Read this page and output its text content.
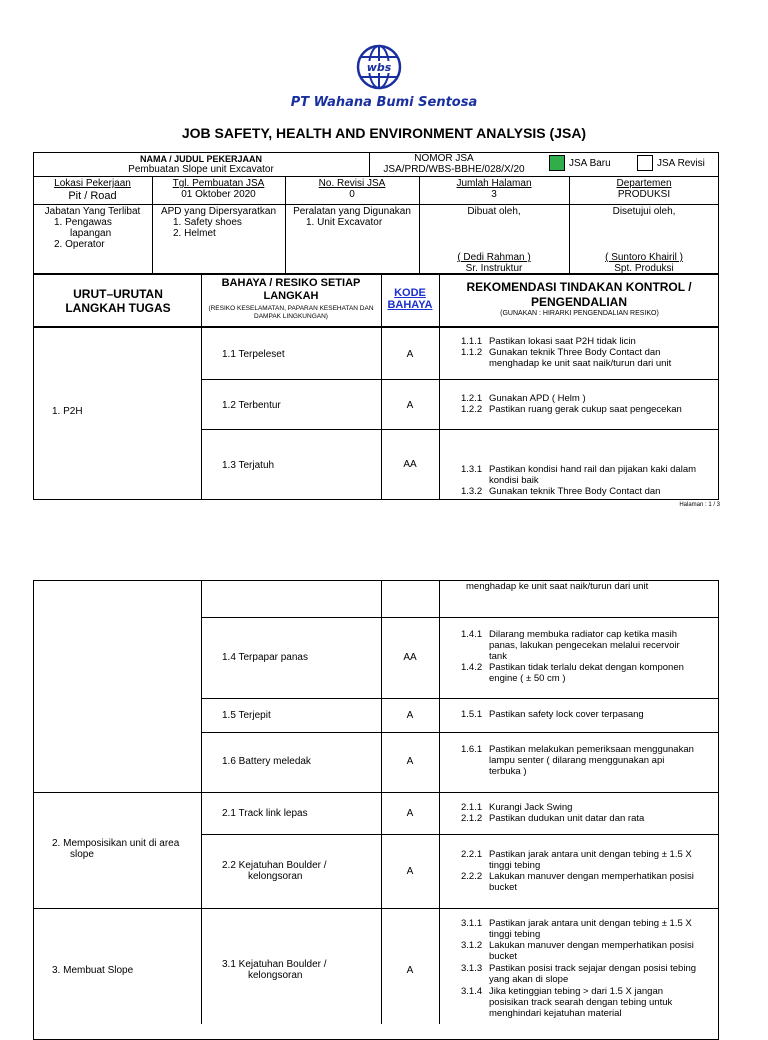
wbs
PT Wahana Bumi Sentosa
JOB SAFETY, HEALTH AND ENVIRONMENT ANALYSIS (JSA)
NAMA / JUDUL PEKERJAAN
Pembuatan Slope unit Excavator
NOMOR JSA
JSA/PRD/WBS-BBHE/028/X/20
JSA Baru	JSA Revisi
Lokasi Pekerjaan
Pit / Road
Tgl. Pembuatan JSA
01 Oktober 2020
No. Revisi JSA
0
Jumlah Halaman
3
Departemen
PRODUKSI
Jabatan Yang Terlibat
1. Pengawas
lapangan
2. Operator
APD yang Dipersyaratkan
1. Safety shoes
2. Helmet
Peralatan yang Digunakan
1. Unit Excavator
Dibuat oleh,
( Dedi Rahman )
Sr. Instruktur
Disetujui oleh,
( Suntoro Khairil )
Spt. Produksi
URUT–URUTAN LANGKAH TUGAS
BAHAYA / RESIKO SETIAP LANGKAH
(RESIKO KESELAMATAN, PAPARAN KESEHATAN DAN DAMPAK LINGKUNGAN)
KODE BAHAYA
REKOMENDASI TINDAKAN KONTROL / PENGENDALIAN
(GUNAKAN : HIRARKI PENGENDALIAN RESIKO)
1. P2H
1.1 Terpeleset	A
1.1.1 Pastikan lokasi saat P2H tidak licin
1.1.2 Gunakan teknik Three Body Contact dan
menghadap ke unit saat naik/turun dari unit
1.2 Terbentur	A
1.2.1 Gunakan APD ( Helm )
1.2.2 Pastikan ruang gerak cukup saat pengecekan
1.3 Terjatuh	AA	1.3.1 Pastikan kondisi hand rail dan pijakan kaki dalam
kondisi baik
1.3.2 Gunakan teknik Three Body Contact dan
Halaman : 1 / 3
menghadap ke unit saat naik/turun dari unit
1.4 Terpapar panas	AA
1.4.1 Dilarang membuka radiator cap ketika masih
panas, lakukan pengecekan melalui recervoir
tank
1.4.2 Pastikan tidak terlalu dekat dengan komponen
engine ( ± 50 cm )
1.5 Terjepit	A	1.5.1 Pastikan safety lock cover terpasang
1.6 Battery meledak	A
1.6.1 Pastikan melakukan pemeriksaan menggunakan
lampu senter ( dilarang menggunakan api
terbuka )
2. Memposisikan unit di area
slope
2.1 Track link lepas	A
2.1.1 Kurangi Jack Swing
2.1.2 Pastikan dudukan unit datar dan rata
2.2 Kejatuhan Boulder /
kelongsoran	A
2.2.1 Pastikan jarak antara unit dengan tebing ± 1.5 X
tinggi tebing
2.2.2 Lakukan manuver dengan memperhatikan posisi
bucket
3. Membuat Slope
3.1 Kejatuhan Boulder /
kelongsoran	A
3.1.1 Pastikan jarak antara unit dengan tebing ± 1.5 X
tinggi tebing
3.1.2 Lakukan manuver dengan memperhatikan posisi
bucket
3.1.3 Pastikan posisi track sejajar dengan posisi tebing
yang akan di slope
3.1.4 Jika ketinggian tebing > dari 1.5 X jangan
posisikan track searah dengan tebing untuk
menghindari kejatuhan material
